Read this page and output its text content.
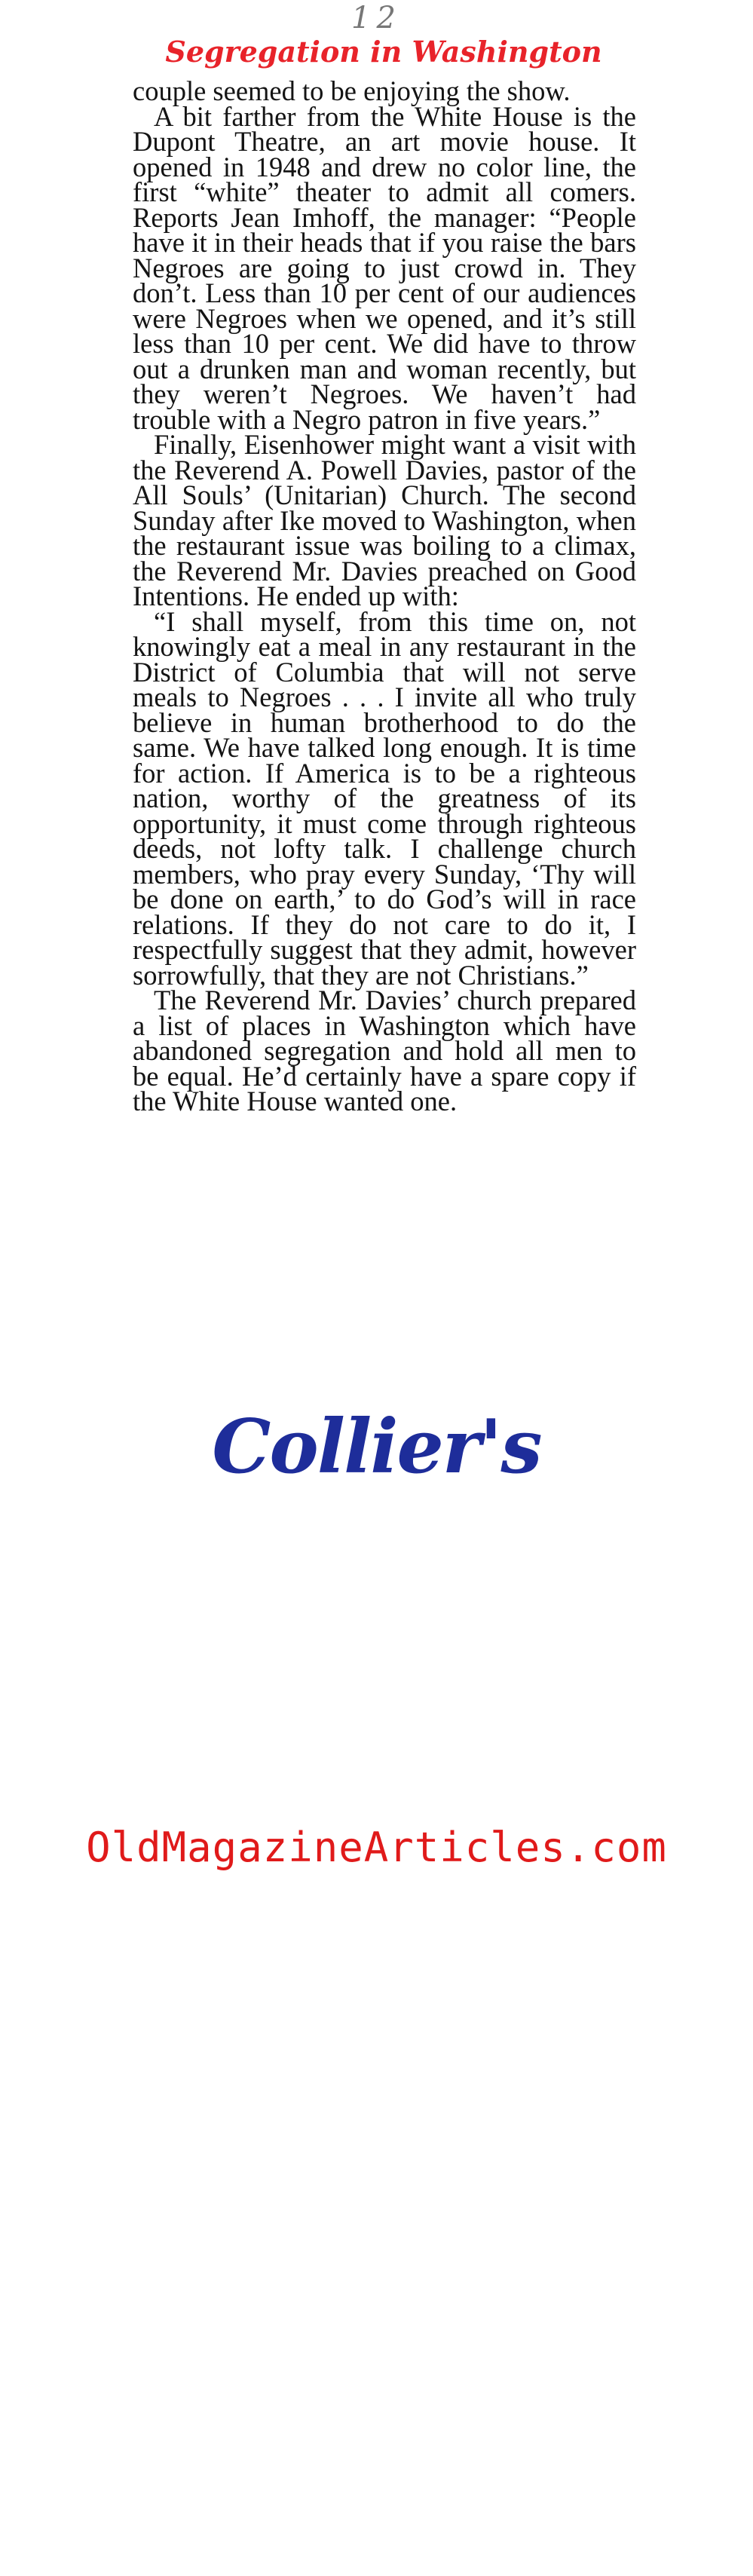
12
Segregation in Washington

couple seemed to be enjoying the show.

A bit farther from the White House is the Dupont Theatre, an art movie house. It opened in 1948 and drew no color line, the first “white” theater to admit all comers. Reports Jean Imhoff, the manager: “People have it in their heads that if you raise the bars Negroes are going to just crowd in. They don’t. Less than 10 per cent of our audiences were Negroes when we opened, and it’s still less than 10 per cent. We did have to throw out a drunken man and woman recently, but they weren’t Negroes. We haven’t had trouble with a Negro patron in five years.”

Finally, Eisenhower might want a visit with the Reverend A. Powell Davies, pastor of the All Souls’ (Unitarian) Church. The second Sunday after Ike moved to Washington, when the restaurant issue was boiling to a climax, the Reverend Mr. Davies preached on Good Intentions. He ended up with:

“I shall myself, from this time on, not knowingly eat a meal in any restaurant in the District of Columbia that will not serve meals to Negroes . . . I invite all who truly believe in human brotherhood to do the same. We have talked long enough. It is time for action. If America is to be a righteous nation, worthy of the greatness of its opportunity, it must come through righteous deeds, not lofty talk. I challenge church members, who pray every Sunday, ‘Thy will be done on earth,’ to do God’s will in race relations. If they do not care to do it, I respectfully suggest that they admit, however sorrowfully, that they are not Christians.”

The Reverend Mr. Davies’ church prepared a list of places in Washington which have abandoned segregation and hold all men to be equal. He’d certainly have a spare copy if the White House wanted one.

Collier's
OldMagazineArticles.com
